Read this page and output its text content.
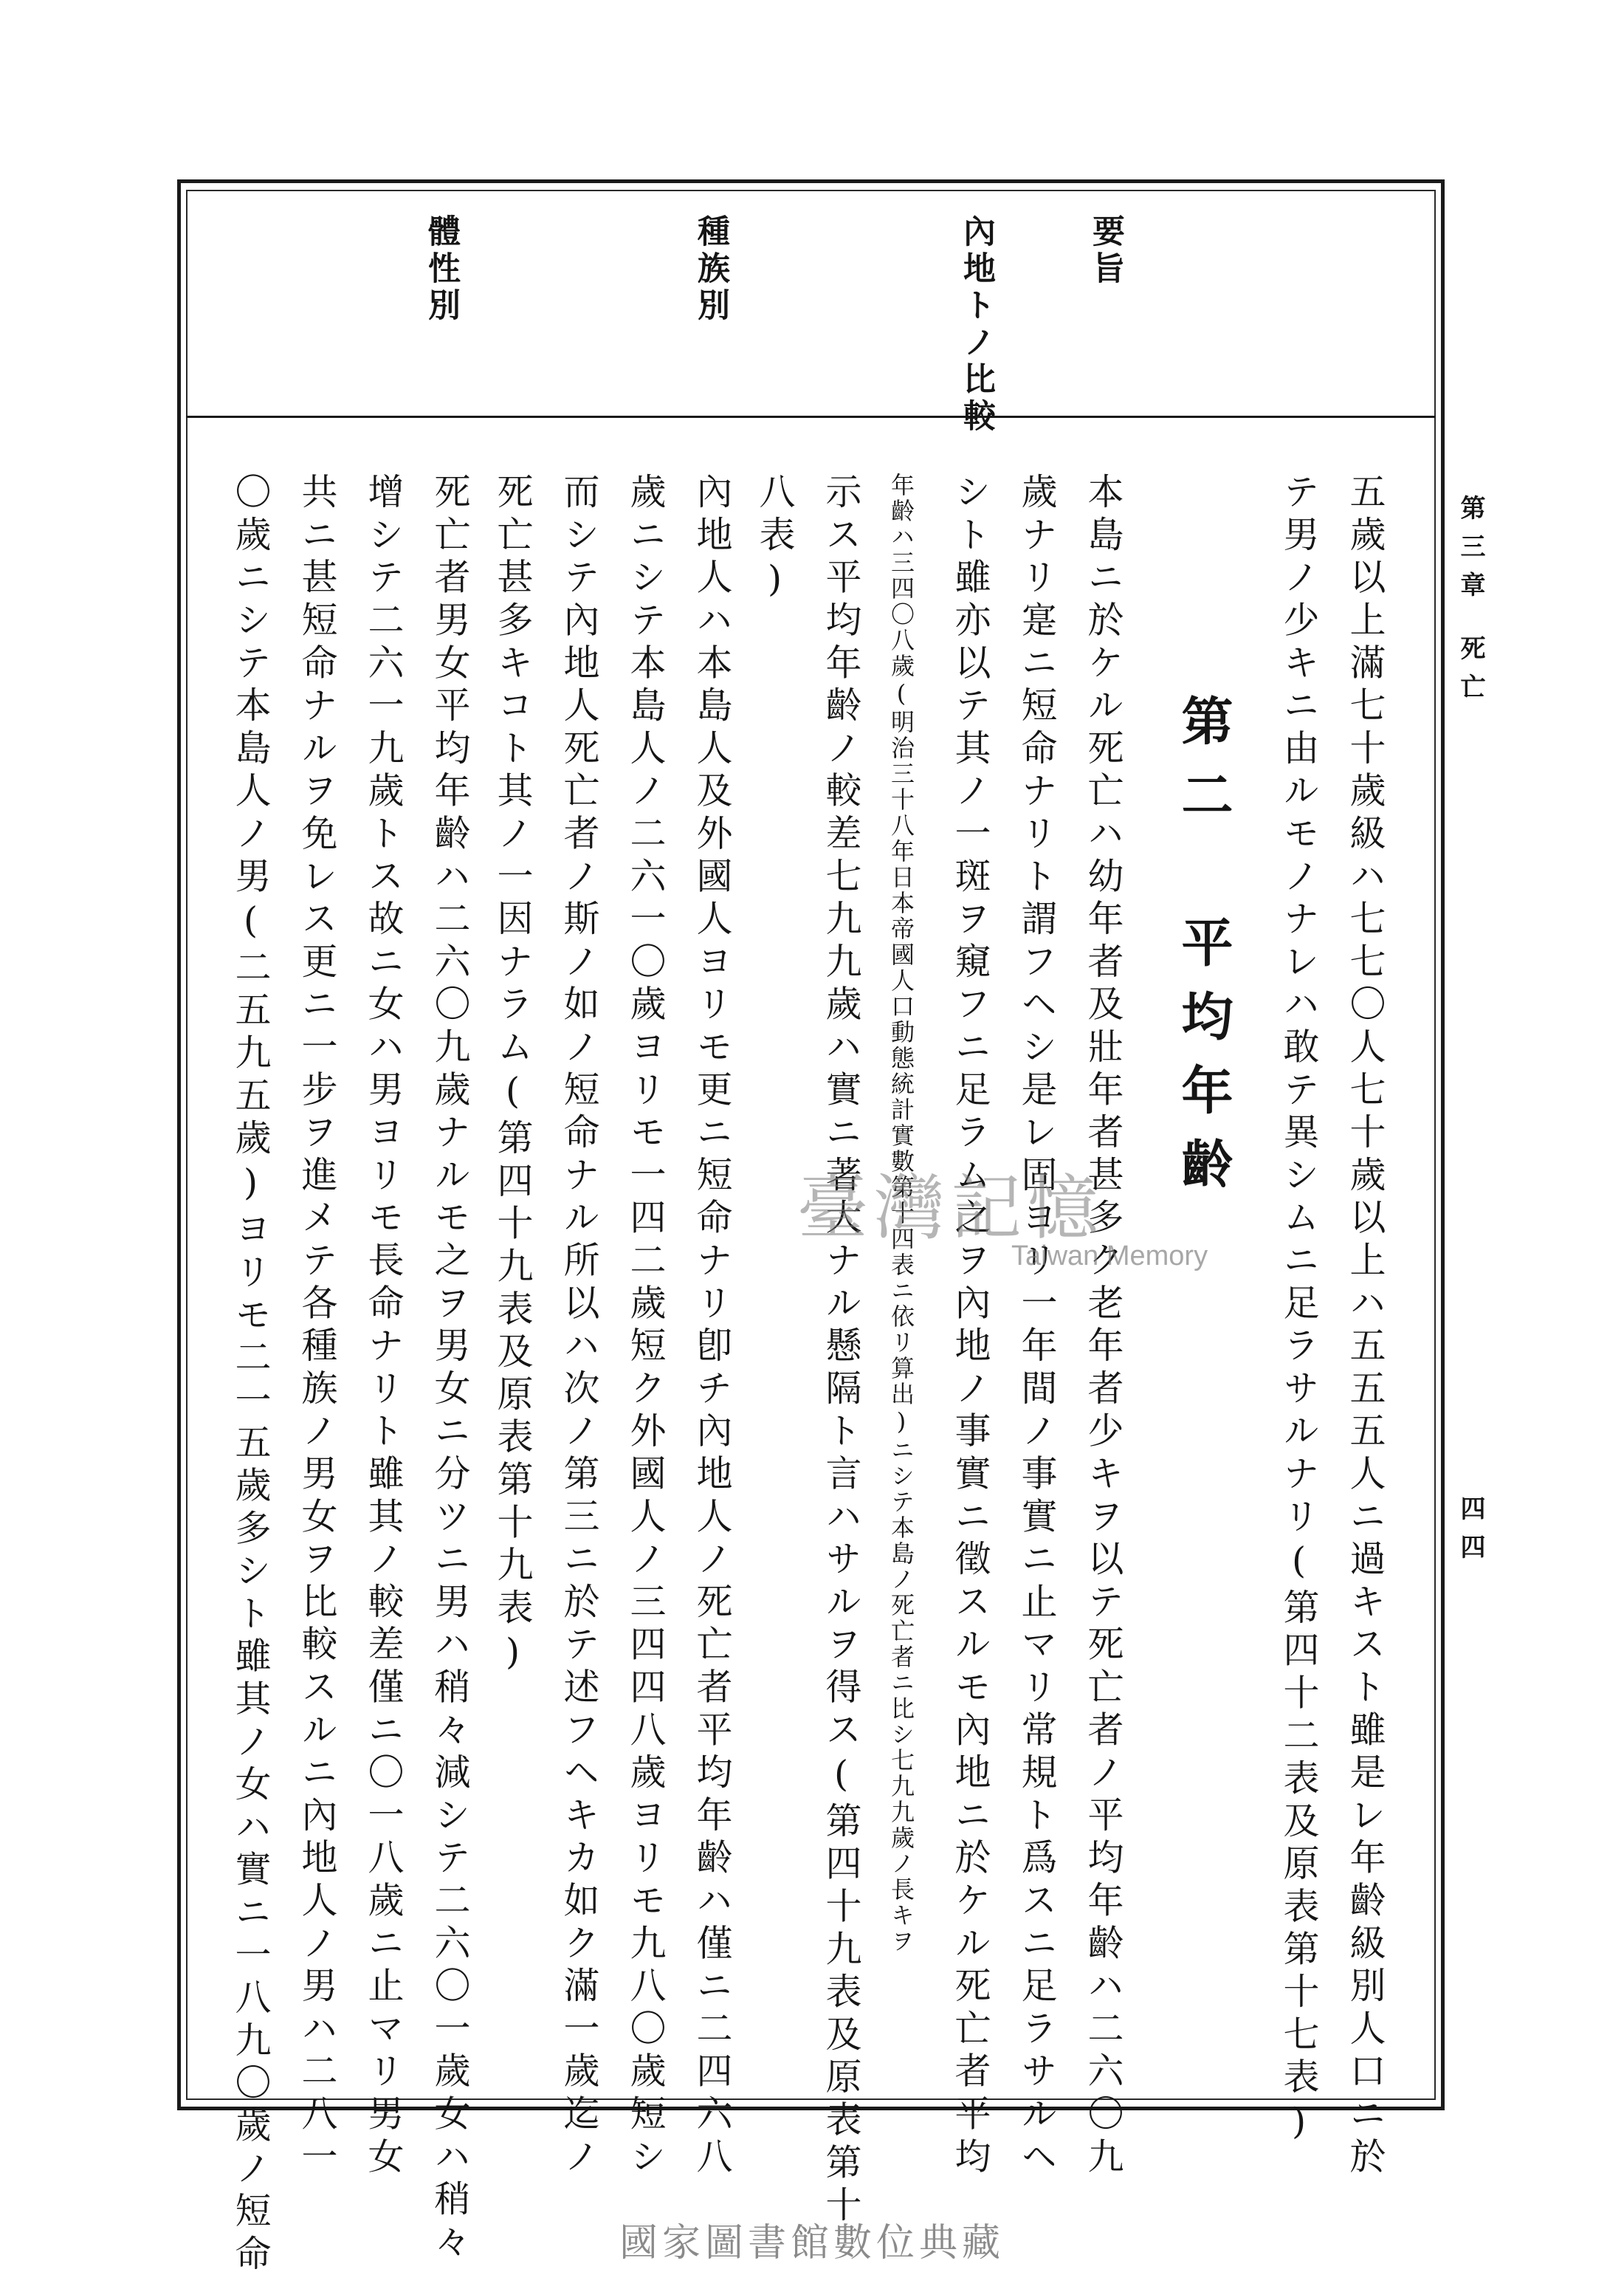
第三章
死亡
四四
要旨
內地トノ比較
種族別
體性別
第二　平均年齡	五歲以上滿七十歲級ハ七七〇人七十歲以上ハ五五五人ニ過キスト雖是レ年齡級別人口ニ於
テ男ノ少キニ由ルモノナレハ敢テ異シムニ足ラサルナリ(第四十二表及原表第十七表)
本島ニ於ケル死亡ハ幼年者及壯年者甚多ク老年者少キヲ以テ死亡者ノ平均年齡ハ二六〇九
歲ナリ寔ニ短命ナリト謂フヘシ是レ固ヨリ一年間ノ事實ニ止マリ常規ト爲スニ足ラサルヘ
シト雖亦以テ其ノ一斑ヲ窺フニ足ラム之ヲ內地ノ事實ニ徵スルモ內地ニ於ケル死亡者平均
年齡ハ三四〇八歲(明治三十八年日本帝國人口動態統計實數第十四表ニ依リ算出)ニシテ本島ノ死亡者ニ比シ七九九歲ノ長キヲ
示ス平均年齡ノ較差七九九歲ハ實ニ著大ナル懸隔ト言ハサルヲ得ス(第四十九表及原表第十
八表)
內地人ハ本島人及外國人ヨリモ更ニ短命ナリ卽チ內地人ノ死亡者平均年齡ハ僅ニ二四六八
歲ニシテ本島人ノ二六一〇歲ヨリモ一四二歲短ク外國人ノ三四四八歲ヨリモ九八〇歲短シ
而シテ內地人死亡者ノ斯ノ如ノ短命ナル所以ハ次ノ第三ニ於テ述フヘキカ如ク滿一歲迄ノ
死亡甚多キコト其ノ一因ナラム(第四十九表及原表第十九表)
死亡者男女平均年齡ハ二六〇九歲ナルモ之ヲ男女ニ分ツニ男ハ稍々減シテ二六〇一歲女ハ稍々
增シテ二六一九歲トス故ニ女ハ男ヨリモ長命ナリト雖其ノ較差僅ニ〇一八歲ニ止マリ男女
共ニ甚短命ナルヲ免レス更ニ一步ヲ進メテ各種族ノ男女ヲ比較スルニ內地人ノ男ハ二八一
〇歲ニシテ本島人ノ男(二五九五歲)ヨリモ二一五歲多シト雖其ノ女ハ實ニ一八九〇歲ノ短命	臺灣記憶
Taiwan Memory
國家圖書館數位典藏
